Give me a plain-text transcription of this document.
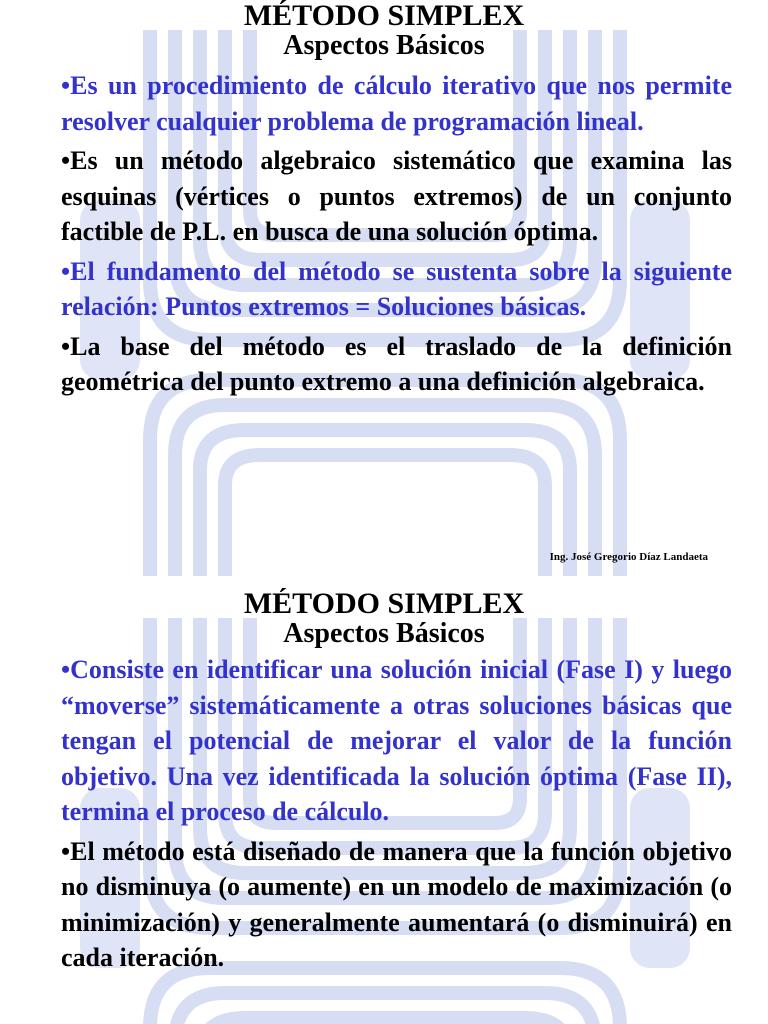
MÉTODO SIMPLEX
Aspectos Básicos

•Es un procedimiento de cálculo iterativo que nos permite resolver cualquier problema de programación lineal.

•Es un método algebraico sistemático que examina las esquinas (vértices o puntos extremos) de un conjunto factible de P.L. en busca de una solución óptima.

•El fundamento del método se sustenta sobre la siguiente relación: Puntos extremos = Soluciones básicas.

•La base del método es el traslado de la definición geométrica del punto extremo a una definición algebraica.

Ing. José Gregorio Díaz Landaeta
MÉTODO SIMPLEX
Aspectos Básicos

•Consiste en identificar una solución inicial (Fase I) y luego “moverse” sistemáticamente a otras soluciones básicas que tengan el potencial de mejorar el valor de la función objetivo. Una vez identificada la solución óptima (Fase II), termina el proceso de cálculo.

•El método está diseñado de manera que la función objetivo no disminuya (o aumente) en un modelo de maximización (o minimización) y generalmente aumentará (o disminuirá) en cada iteración.
